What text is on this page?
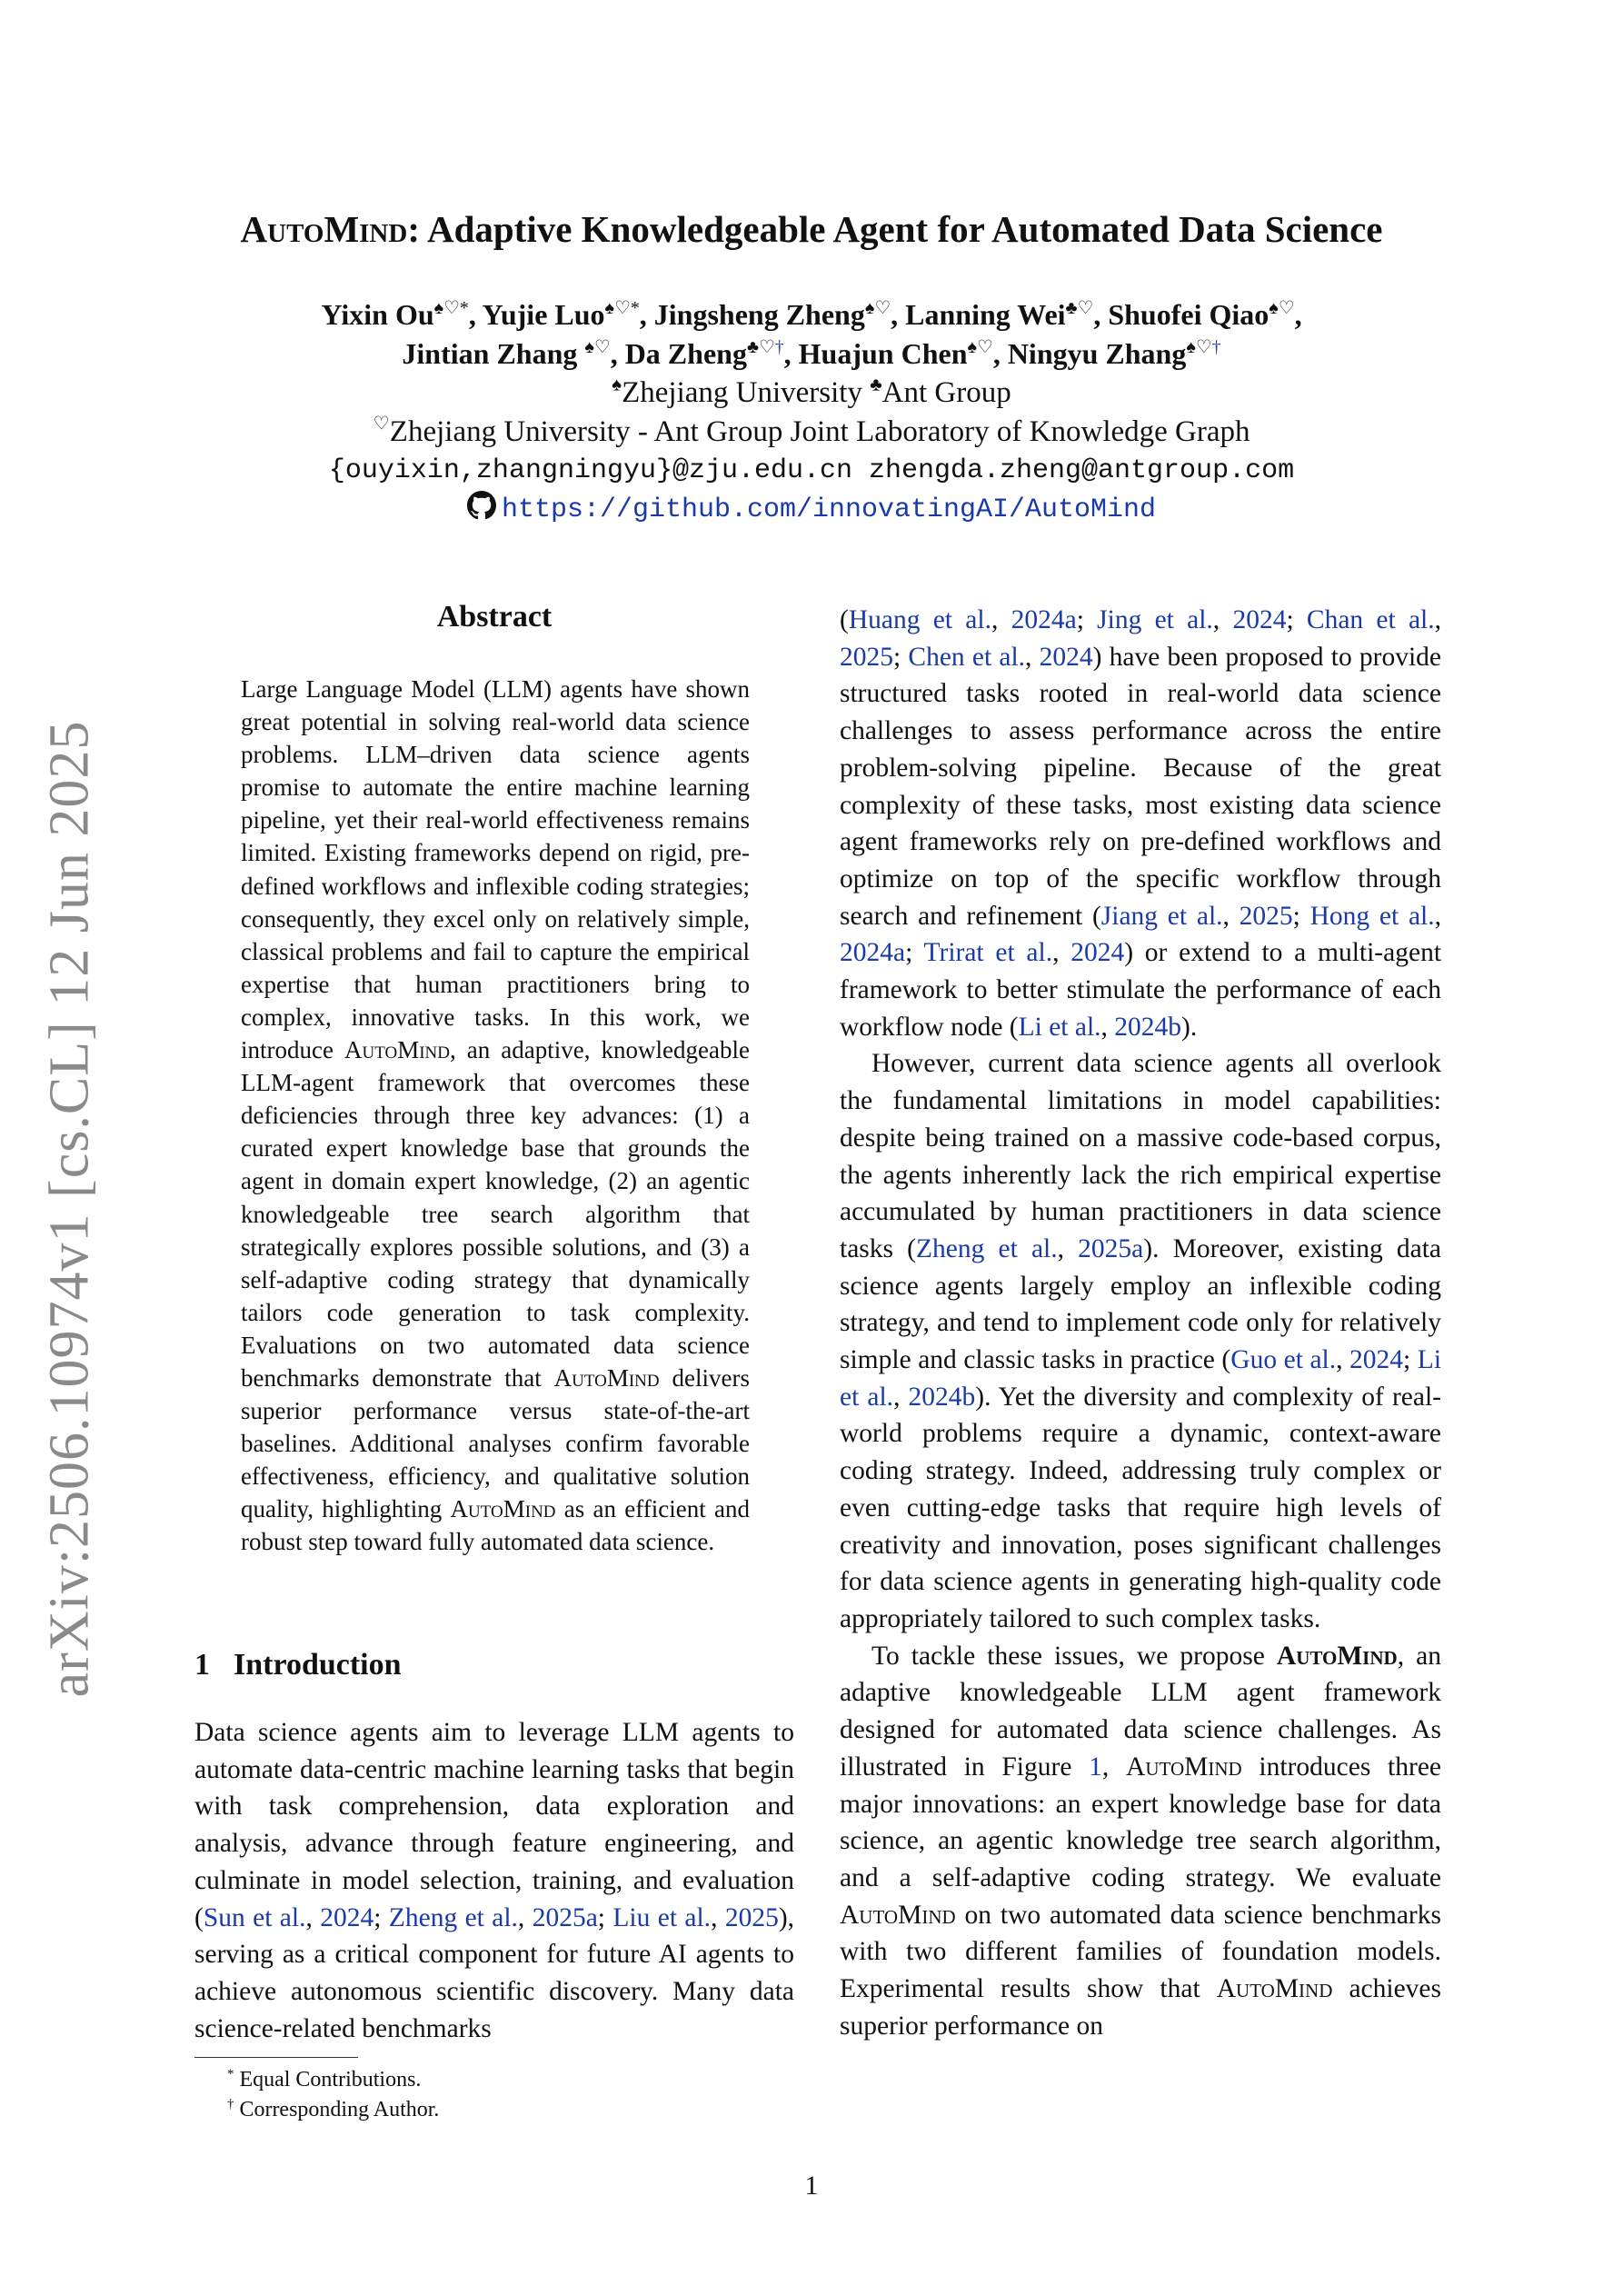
arXiv:2506.10974v1 [cs.CL] 12 Jun 2025
AutoMind: Adaptive Knowledgeable Agent for Automated Data Science
Yixin Ou♠♡*, Yujie Luo♠♡*, Jingsheng Zheng♠♡, Lanning Wei♣♡, Shuofei Qiao♠♡,
Jintian Zhang ♠♡, Da Zheng♣♡†, Huajun Chen♠♡, Ningyu Zhang♠♡†
♠Zhejiang University ♣Ant Group
♡Zhejiang University - Ant Group Joint Laboratory of Knowledge Graph
{ouyixin,zhangningyu}@zju.edu.cn zhengda.zheng@antgroup.com
https://github.com/innovatingAI/AutoMind
Abstract

Large Language Model (LLM) agents have shown great potential in solving real-world data science problems. LLM–driven data science agents promise to automate the entire machine learning pipeline, yet their real-world effectiveness remains limited. Existing frameworks depend on rigid, pre-defined workflows and inflexible coding strategies; consequently, they excel only on relatively simple, classical problems and fail to capture the empirical expertise that human practitioners bring to complex, innovative tasks. In this work, we introduce AutoMind, an adaptive, knowledgeable LLM-agent framework that overcomes these deficiencies through three key advances: (1) a curated expert knowledge base that grounds the agent in domain expert knowledge, (2) an agentic knowledgeable tree search algorithm that strategically explores possible solutions, and (3) a self-adaptive coding strategy that dynamically tailors code generation to task complexity. Evaluations on two automated data science benchmarks demonstrate that AutoMind delivers superior performance versus state-of-the-art baselines. Additional analyses confirm favorable effectiveness, efficiency, and qualitative solution quality, highlighting AutoMind as an efficient and robust step toward fully automated data science.

1 Introduction

Data science agents aim to leverage LLM agents to automate data-centric machine learning tasks that begin with task comprehension, data exploration and analysis, advance through feature engineering, and culminate in model selection, training, and evaluation (Sun et al., 2024; Zheng et al., 2025a; Liu et al., 2025), serving as a critical component for future AI agents to achieve autonomous scientific discovery. Many data science-related benchmarks

(Huang et al., 2024a; Jing et al., 2024; Chan et al., 2025; Chen et al., 2024) have been proposed to provide structured tasks rooted in real-world data science challenges to assess performance across the entire problem-solving pipeline. Because of the great complexity of these tasks, most existing data science agent frameworks rely on pre-defined workflows and optimize on top of the specific workflow through search and refinement (Jiang et al., 2025; Hong et al., 2024a; Trirat et al., 2024) or extend to a multi-agent framework to better stimulate the performance of each workflow node (Li et al., 2024b).

However, current data science agents all overlook the fundamental limitations in model capabilities: despite being trained on a massive code-based corpus, the agents inherently lack the rich empirical expertise accumulated by human practitioners in data science tasks (Zheng et al., 2025a). Moreover, existing data science agents largely employ an inflexible coding strategy, and tend to implement code only for relatively simple and classic tasks in practice (Guo et al., 2024; Li et al., 2024b). Yet the diversity and complexity of real-world problems require a dynamic, context-aware coding strategy. Indeed, addressing truly complex or even cutting-edge tasks that require high levels of creativity and innovation, poses significant challenges for data science agents in generating high-quality code appropriately tailored to such complex tasks.

To tackle these issues, we propose AutoMind, an adaptive knowledgeable LLM agent framework designed for automated data science challenges. As illustrated in Figure 1, AutoMind introduces three major innovations: an expert knowledge base for data science, an agentic knowledge tree search algorithm, and a self-adaptive coding strategy. We evaluate AutoMind on two automated data science benchmarks with two different families of foundation models. Experimental results show that AutoMind achieves superior performance on

* Equal Contributions.
† Corresponding Author.
1
